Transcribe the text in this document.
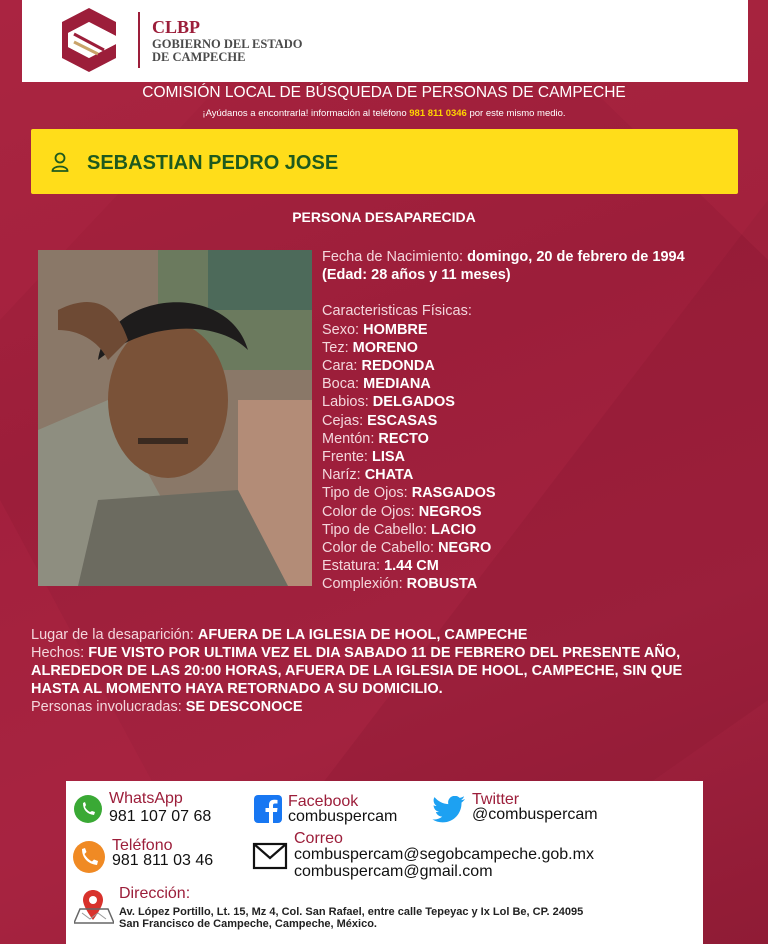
CLBP
GOBIERNO DEL ESTADO
DE CAMPECHE
COMISIÓN LOCAL DE BÚSQUEDA DE PERSONAS DE CAMPECHE
¡Ayúdanos a encontrarla! información al teléfono 981 811 0346 por este mismo medio.
SEBASTIAN PEDRO JOSE
PERSONA DESAPARECIDA
Fecha de Nacimiento: domingo, 20 de febrero de 1994 (Edad: 28 años y 11 meses)
Caracteristicas Físicas:
Sexo: HOMBRE
Tez: MORENO
Cara: REDONDA
Boca: MEDIANA
Labios: DELGADOS
Cejas: ESCASAS
Mentón: RECTO
Frente: LISA
Naríz: CHATA
Tipo de Ojos: RASGADOS
Color de Ojos: NEGROS
Tipo de Cabello: LACIO
Color de Cabello: NEGRO
Estatura: 1.44 CM
Complexión: ROBUSTA
Lugar de la desaparición: AFUERA DE LA IGLESIA DE HOOL, CAMPECHE
Hechos: FUE VISTO POR ULTIMA VEZ EL DIA SABADO 11 DE FEBRERO DEL PRESENTE AÑO, ALREDEDOR DE LAS 20:00 HORAS, AFUERA DE LA IGLESIA DE HOOL, CAMPECHE, SIN QUE HASTA AL MOMENTO HAYA RETORNADO A SU DOMICILIO.
Personas involucradas: SE DESCONOCE
WhatsApp
981 107 07 68
Facebook
combuspercam
Twitter
@combuspercam
Teléfono
981 811 03 46
Correo
combuspercam@segobcampeche.gob.mx
combuspercam@gmail.com
Dirección:
Av. López Portillo, Lt. 15, Mz 4, Col. San Rafael, entre calle Tepeyac y Ix Lol Be, CP. 24095
San Francisco de Campeche, Campeche, México.
